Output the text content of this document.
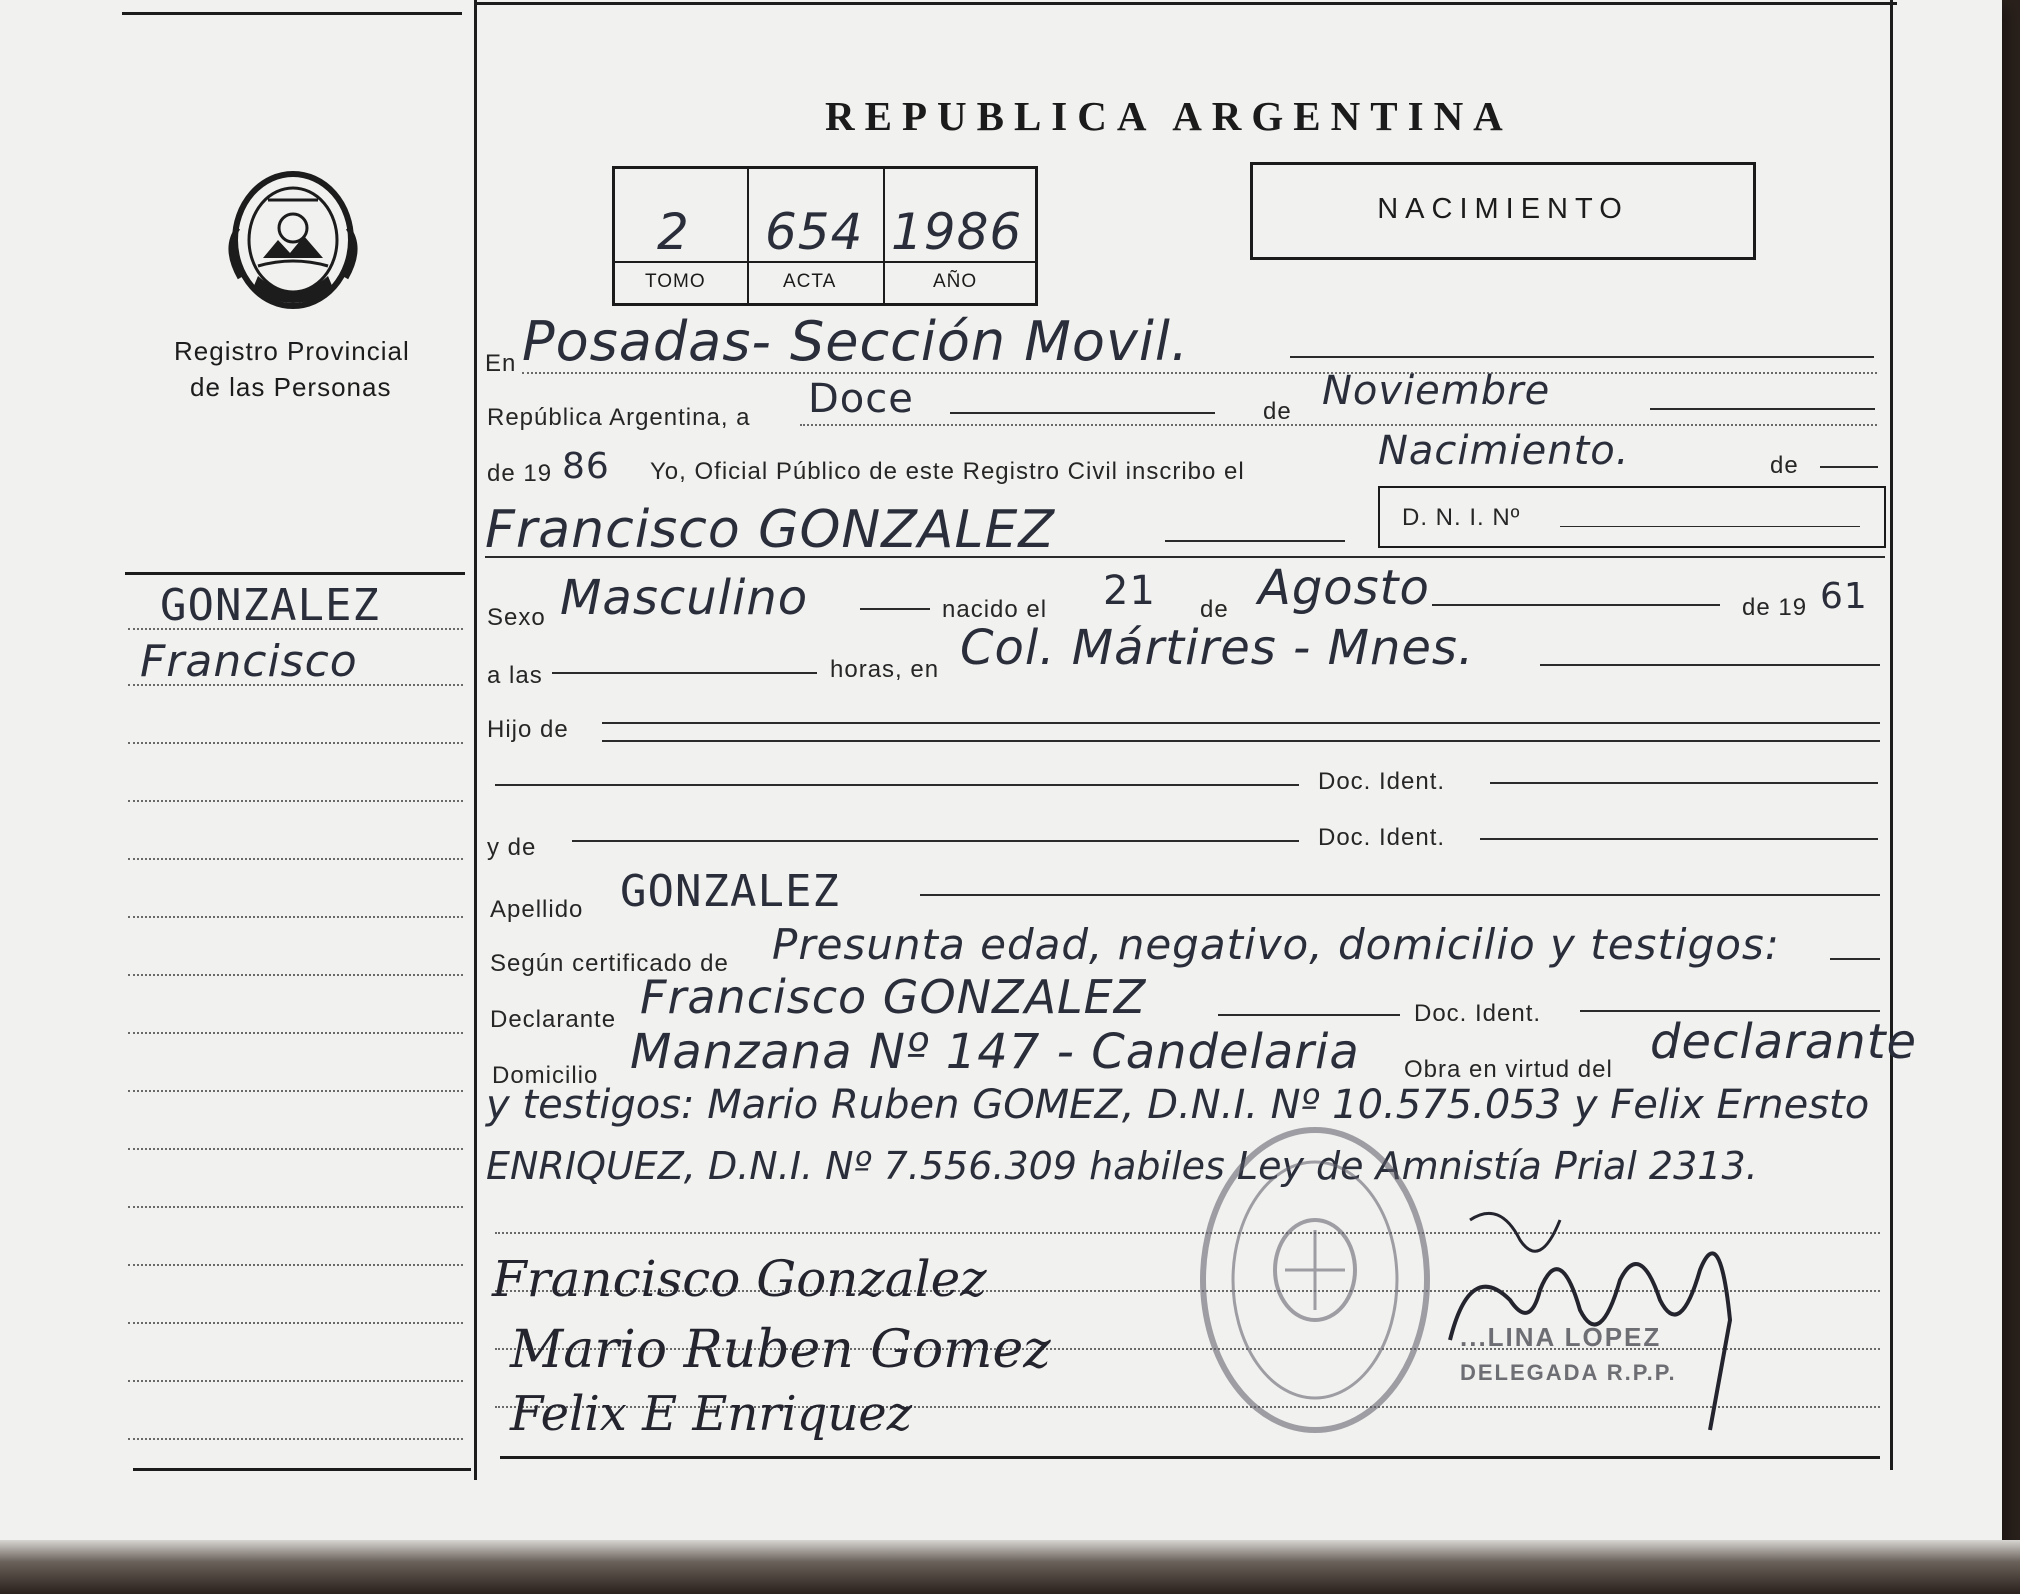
REPUBLICA ARGENTINA
2 654 1986
TOMO	ACTA	AÑO
NACIMIENTO
Registro Provincial
de las Personas
GONZALEZ
Francisco
En Posadas- Sección Movil.
República Argentina, a Doce	de Noviembre
de 19 86 Yo, Oficial Público de este Registro Civil inscribo el	Nacimiento.	de
Francisco GONZALEZ	D. N. I. Nº
Sexo Masculino	nacido el 21 de Agosto	de 19 61
a las	horas, en Col. Mártires - Mnes.
Hijo de
Doc. Ident.
y de	Doc. Ident.
Apellido GONZALEZ
Según certificado de Presunta edad, negativo, domicilio y testigos:
Declarante Francisco GONZALEZ	Doc. Ident.
Domicilio Manzana Nº 147 - Candelaria Obra en virtud del declarante
y testigos: Mario Ruben GOMEZ, D.N.I. Nº 10.575.053 y Felix Ernesto
ENRIQUEZ, D.N.I. Nº 7.556.309 habiles Ley de Amnistía Prial 2313.
Francisco Gonzalez
Mario Ruben Gomez
Felix E Enriquez
...LINA LOPEZ
DELEGADA R.P.P.
